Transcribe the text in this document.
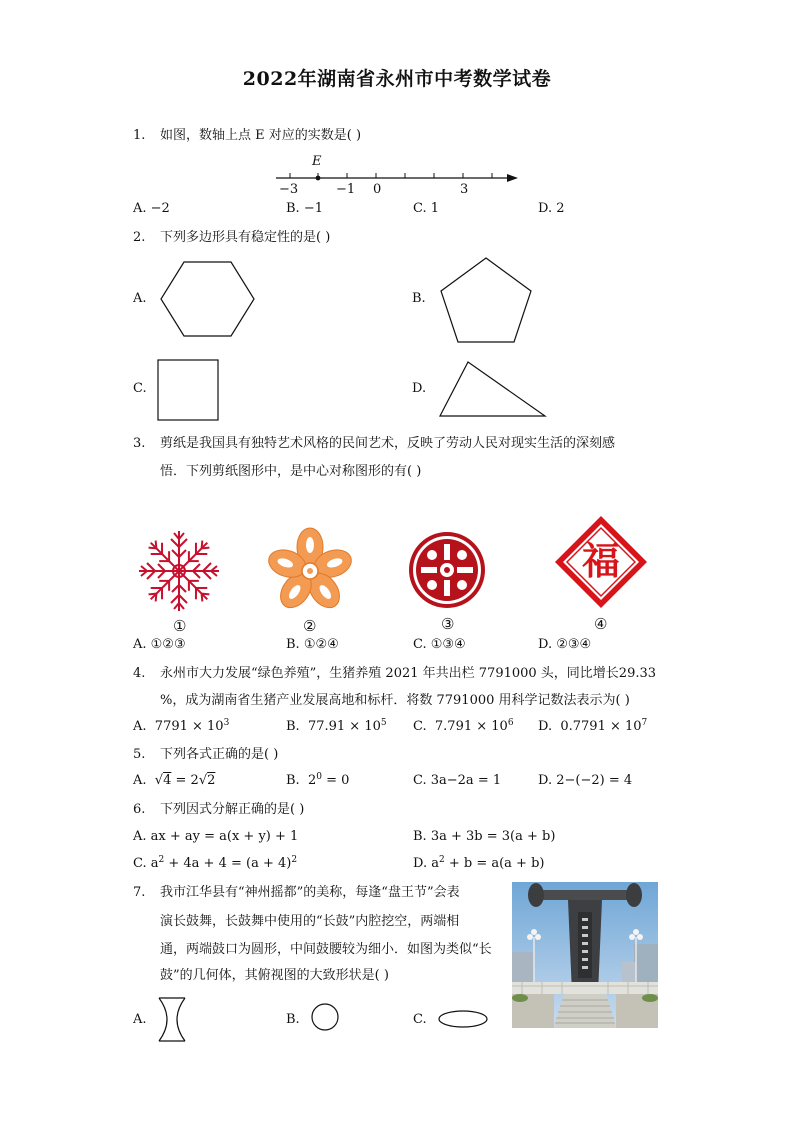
2022年湖南省永州市中考数学试卷
1.	如图，数轴上点 E 对应的实数是( )
E
−3	−1 0	3
A. −2	B. −1	C. 1	D. 2
2.	下列多边形具有稳定性的是( )
A.	B.
C.	D.
3.	剪纸是我国具有独特艺术风格的民间艺术，反映了劳动人民对现实生活的深刻感
悟．下列剪纸图形中，是中心对称图形的有( )
福
①	②	③	④
A. ①②③	B. ①②④	C. ①③④	D. ②③④
4.	永州市大力发展“绿色养殖”，生猪养殖 2021 年共出栏 7791000 头，同比增长29.33
%，成为湖南省生猪产业发展高地和标杆．将数 7791000 用科学记数法表示为( )
A. $7791 \times 10^3$	B. $77.91 \times 10^5$ C. $7.791 \times 10^6$ D. $0.7791 \times 10^7$
5.	下列各式正确的是( )
A. √4 = 2√2	B. $2^0 = 0$	C. 3a−2a = 1	D. 2−(−2) = 4
6.	下列因式分解正确的是( )
A. ax + ay = a(x + y) + 1	B. 3a + 3b = 3(a + b)
C. $a^2 + 4a + 4 = (a + 4)^2$	D. $a^2 + b = a(a + b)$
7.	我市江华县有“神州摇都”的美称，每逢“盘王节”会表
演长鼓舞，长鼓舞中使用的“长鼓”内腔挖空，两端相
通，两端鼓口为圆形，中间鼓腰较为细小．如图为类似“长
鼓”的几何体，其俯视图的大致形状是( )
A.	B.	C.
